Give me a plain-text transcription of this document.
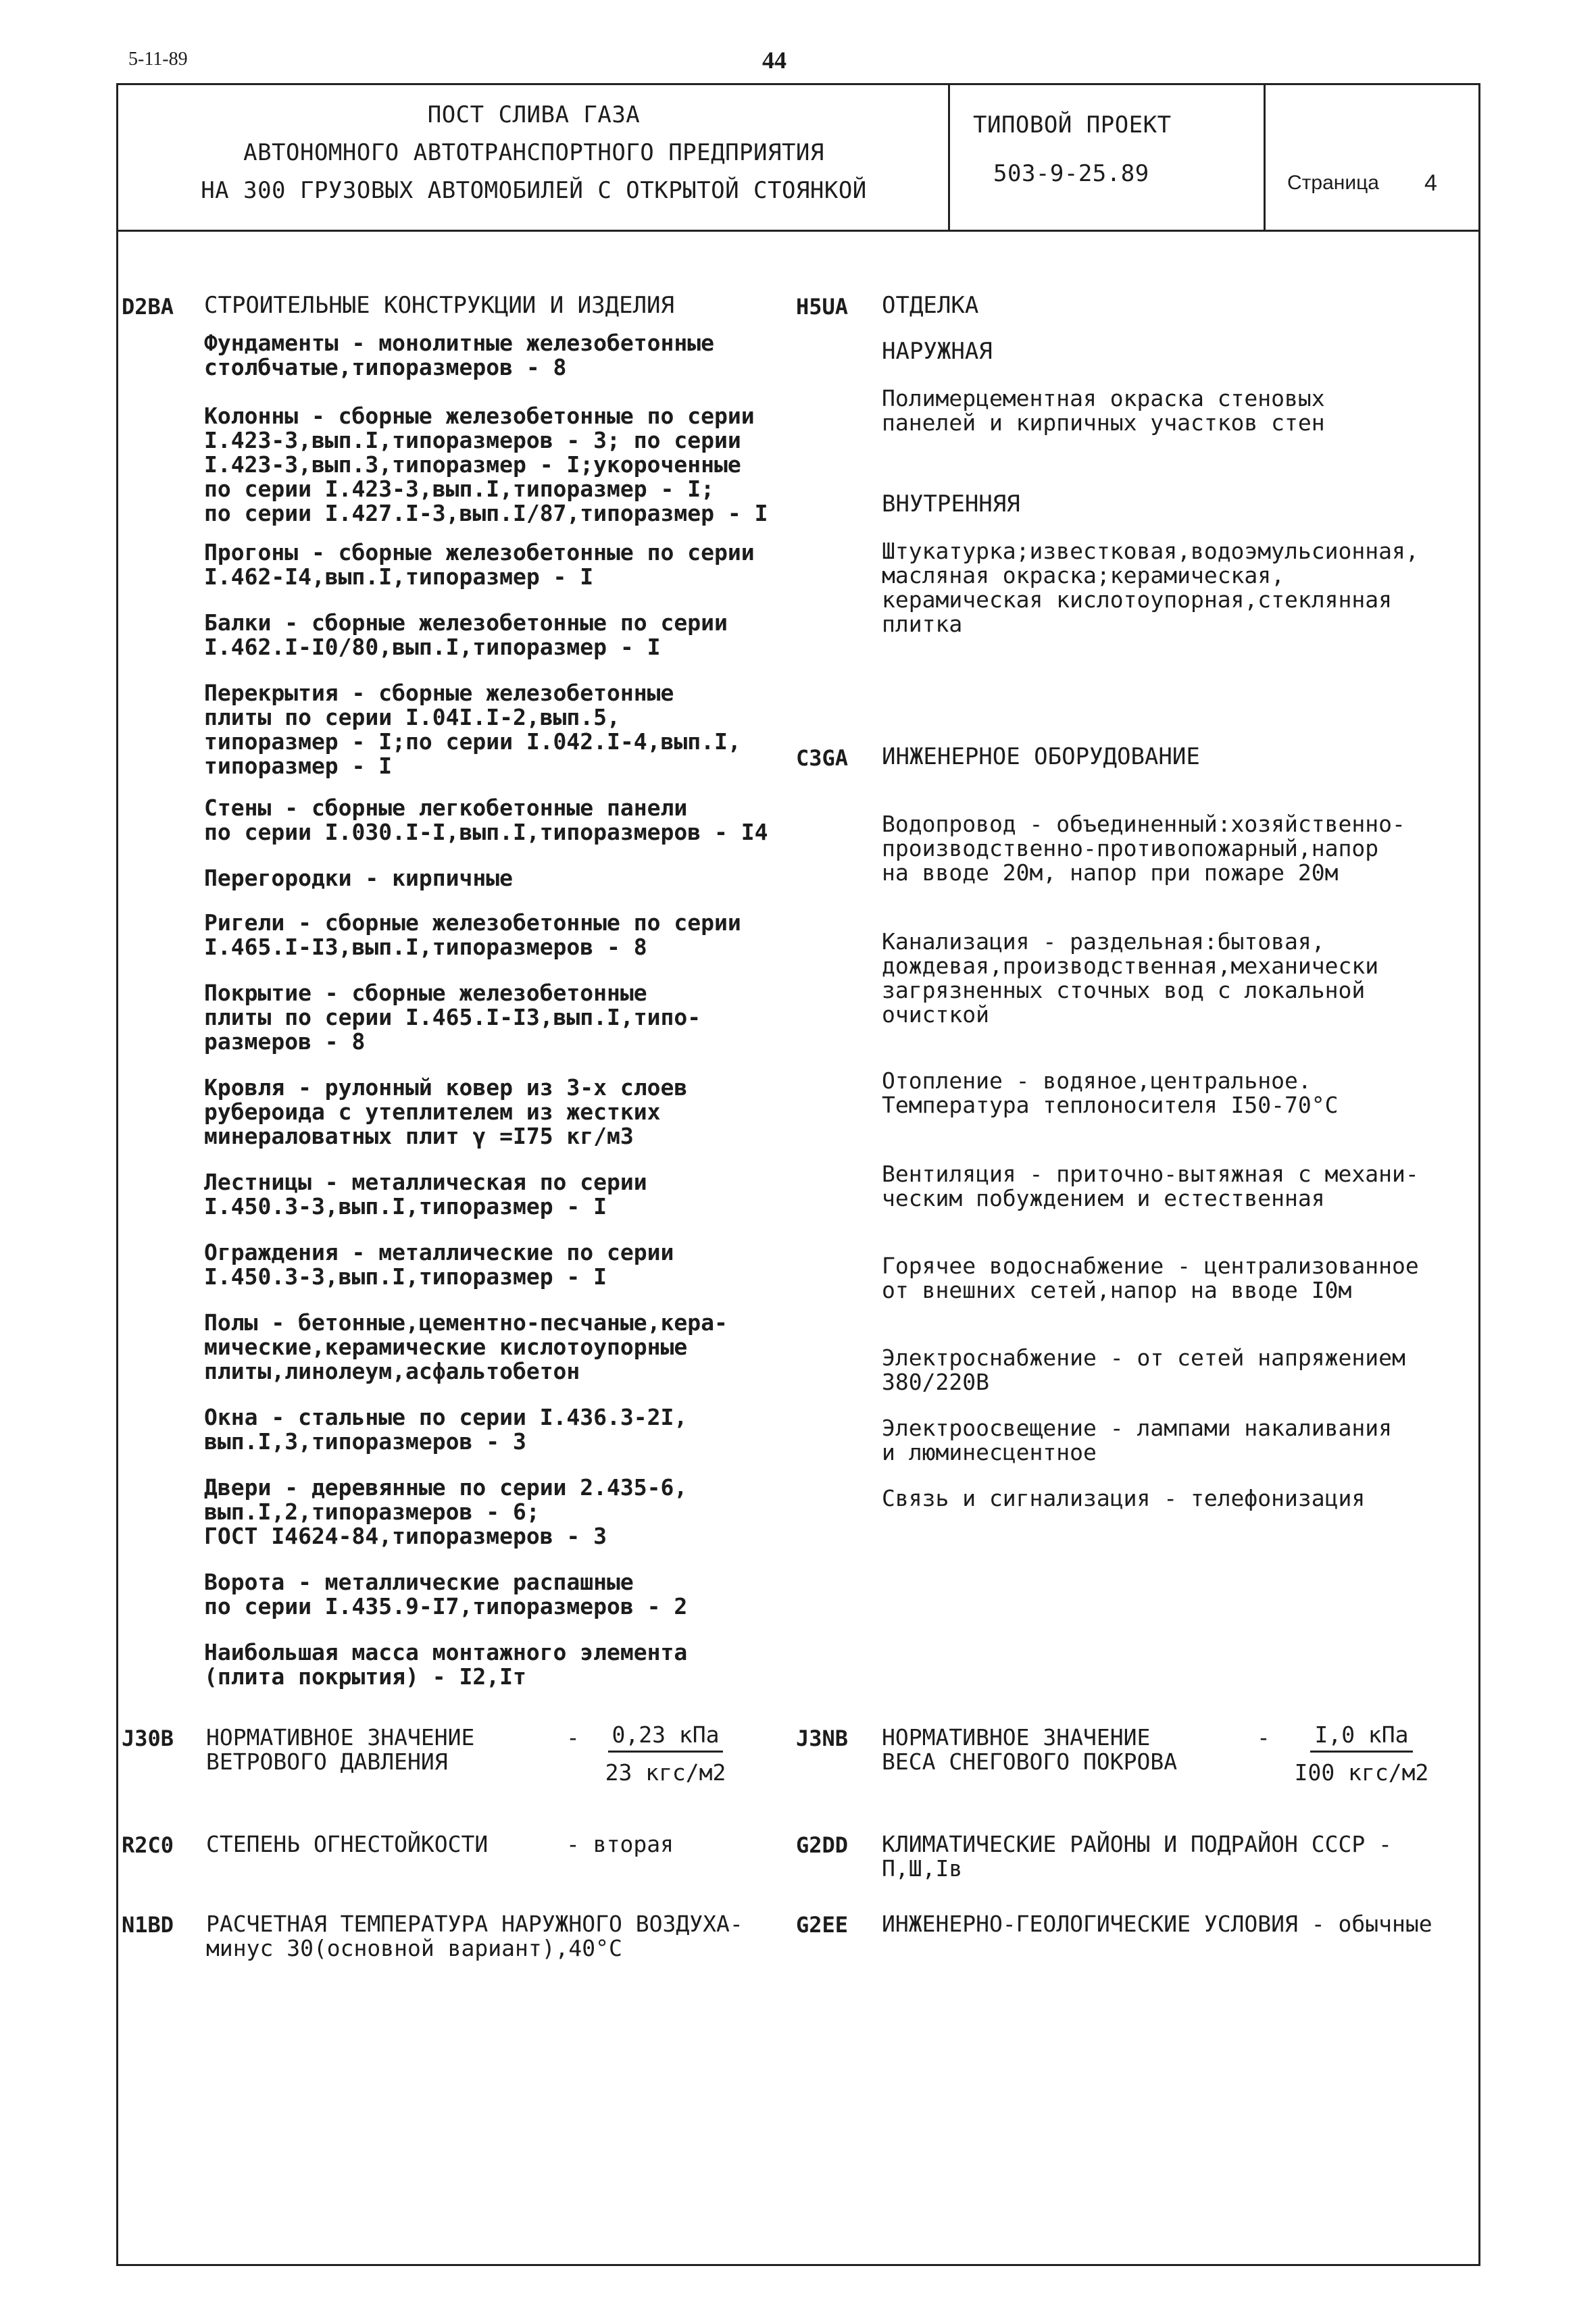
5-11-89	44
ПОСТ СЛИВА ГАЗА
АВТОНОМНОГО АВТОТРАНСПОРТНОГО ПРЕДПРИЯТИЯ
НА 300 ГРУЗОВЫХ АВТОМОБИЛЕЙ С ОТКРЫТОЙ СТОЯНКОЙ
ТИПОВОЙ ПРОЕКТ
503-9-25.89	Страница 4
D2BA СТРОИТЕЛЬНЫЕ КОНСТРУКЦИИ И ИЗДЕЛИЯ
Фундаменты - монолитные железобетонные
столбчатые,типоразмеров - 8
Колонны - сборные железобетонные по серии
I.423-3,вып.I,типоразмеров - 3; по серии
I.423-3,вып.3,типоразмер - I;укороченные
по серии I.423-3,вып.I,типоразмер - I;
по серии I.427.I-3,вып.I/87,типоразмер - I
Прогоны - сборные железобетонные по серии
I.462-I4,вып.I,типоразмер - I
Балки - сборные железобетонные по серии
I.462.I-I0/80,вып.I,типоразмер - I
Перекрытия - сборные железобетонные
плиты по серии I.04I.I-2,вып.5,
типоразмер - I;по серии I.042.I-4,вып.I,
типоразмер - I
Стены - сборные легкобетонные панели
по серии I.030.I-I,вып.I,типоразмеров - I4
Перегородки - кирпичные
Ригели - сборные железобетонные по серии
I.465.I-I3,вып.I,типоразмеров - 8
Покрытие - сборные железобетонные
плиты по серии I.465.I-I3,вып.I,типо-
размеров - 8
Кровля - рулонный ковер из 3-х слоев
рубероида с утеплителем из жестких
минераловатных плит γ =I75 кг/м3
Лестницы - металлическая по серии
I.450.3-3,вып.I,типоразмер - I
Ограждения - металлические по серии
I.450.3-3,вып.I,типоразмер - I
Полы - бетонные,цементно-песчаные,кера-
мические,керамические кислотоупорные
плиты,линолеум,асфальтобетон
Окна - стальные по серии I.436.3-2I,
вып.I,3,типоразмеров - 3
Двери - деревянные по серии 2.435-6,
вып.I,2,типоразмеров - 6;
ГОСТ I4624-84,типоразмеров - 3
Ворота - металлические распашные
по серии I.435.9-I7,типоразмеров - 2
Наибольшая масса монтажного элемента
(плита покрытия) - I2,Iт
H5UA ОТДЕЛКА
НАРУЖНАЯ
Полимерцементная окраска стеновых
панелей и кирпичных участков стен
ВНУТРЕННЯЯ
Штукатурка;известковая,водоэмульсионная,
масляная окраска;керамическая,
керамическая кислотоупорная,стеклянная
плитка
C3GA ИНЖЕНЕРНОЕ ОБОРУДОВАНИЕ
Водопровод - объединенный:хозяйственно-
производственно-противопожарный,напор
на вводе 20м, напор при пожаре 20м
Канализация - раздельная:бытовая,
дождевая,производственная,механически
загрязненных сточных вод с локальной
очисткой
Отопление - водяное,центральное.
Температура теплоносителя I50-70°С
Вентиляция - приточно-вытяжная с механи-
ческим побуждением и естественная
Горячее водоснабжение - централизованное
от внешних сетей,напор на вводе I0м
Электроснабжение - от сетей напряжением
380/220В
Электроосвещение - лампами накаливания
и люминесцентное
Связь и сигнализация - телефонизация
J30B НОРМАТИВНОЕ ЗНАЧЕНИЕ
ВЕТРОВОГО ДАВЛЕНИЯ
-	0,23 кПа
23 кгс/м2
J3NB НОРМАТИВНОЕ ЗНАЧЕНИЕ
ВЕСА СНЕГОВОГО ПОКРОВА
-	I,0 кПа
I00 кгс/м2
R2C0 СТЕПЕНЬ ОГНЕСТОЙКОСТИ	- вторая	G2DD КЛИМАТИЧЕСКИЕ РАЙОНЫ И ПОДРАЙОН СССР -
П,Ш,Iв
N1BD РАСЧЕТНАЯ ТЕМПЕРАТУРА НАРУЖНОГО ВОЗДУХА-
минус 30(основной вариант),40°С
G2EE ИНЖЕНЕРНО-ГЕОЛОГИЧЕСКИЕ УСЛОВИЯ - обычные
